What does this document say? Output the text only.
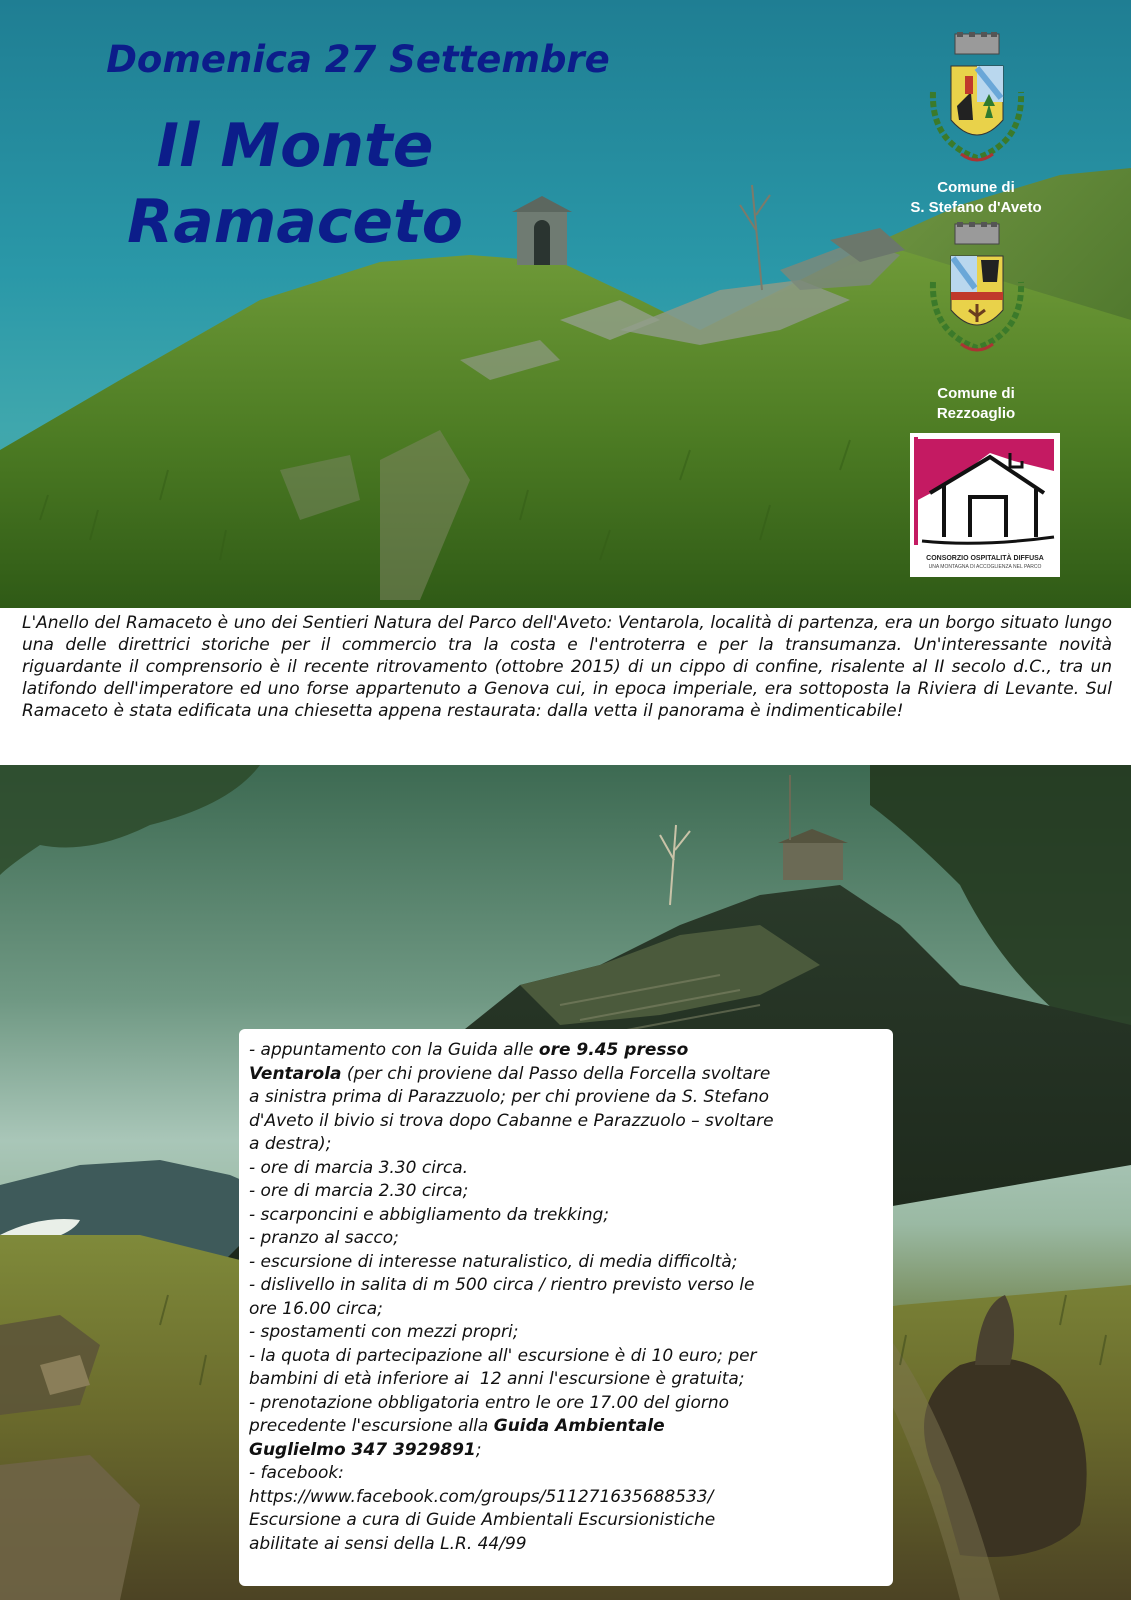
Domenica 27 Settembre
Il Monte
Ramaceto	Comune di
S. Stefano d'Aveto
Comune di
Rezzoaglio
CONSORZIO OSPITALITÀ DIFFUSA
UNA MONTAGNA DI ACCOGLIENZA NEL PARCO
L'Anello del Ramaceto è uno dei Sentieri Natura del Parco dell'Aveto: Ventarola, località di partenza, era un borgo situato lungo una delle direttrici storiche per il commercio tra la costa e l'entroterra e per la transumanza. Un'interessante novità riguardante il comprensorio è il recente ritrovamento (ottobre 2015) di un cippo di confine, risalente al II secolo d.C., tra un latifondo dell'imperatore ed uno forse appartenuto a Genova cui, in epoca imperiale, era sottoposta la Riviera di Levante. Sul Ramaceto è stata edificata una chiesetta appena restaurata: dalla vetta il panorama è indimenticabile!
- appuntamento con la Guida alle ore 9.45 presso
Ventarola (per chi proviene dal Passo della Forcella svoltare
a sinistra prima di Parazzuolo; per chi proviene da S. Stefano
d'Aveto il bivio si trova dopo Cabanne e Parazzuolo – svoltare
a destra);
- ore di marcia 3.30 circa.
- ore di marcia 2.30 circa;
- scarponcini e abbigliamento da trekking;
- pranzo al sacco;
- escursione di interesse naturalistico, di media difficoltà;
- dislivello in salita di m 500 circa / rientro previsto verso le
ore 16.00 circa;
- spostamenti con mezzi propri;
- la quota di partecipazione all' escursione è di 10 euro; per
bambini di età inferiore ai  12 anni l'escursione è gratuita;
- prenotazione obbligatoria entro le ore 17.00 del giorno
precedente l'escursione alla Guida Ambientale
Guglielmo 347 3929891;
- facebook:
https://www.facebook.com/groups/511271635688533/
Escursione a cura di Guide Ambientali Escursionistiche
abilitate ai sensi della L.R. 44/99
